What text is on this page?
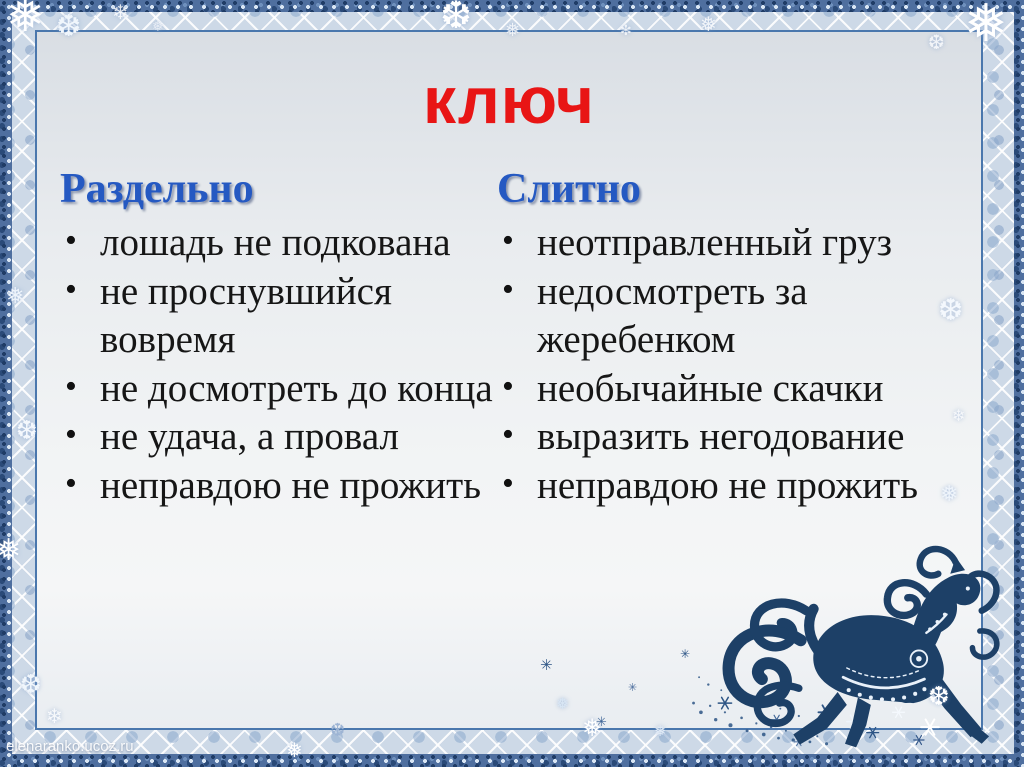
ключ
Раздельно
• лошадь не подкована
• не проснувшийся вовремя
• не досмотреть до конца
• не удача, а провал
• неправдою не прожить
Слитно
• неотправленный груз
• недосмотреть за жеребенком
• необычайные скачки
• выразить негодование
• неправдою не прожить
❅
❆
❄
❅
❆
❅
✻
❅
❅
❆
❆
❄
❅
❅
❆
❅
❆
❄
❅
❅
❆
✳
❅
✳
✳
❅
✳
❆
elenaranko.ucoz.ru
